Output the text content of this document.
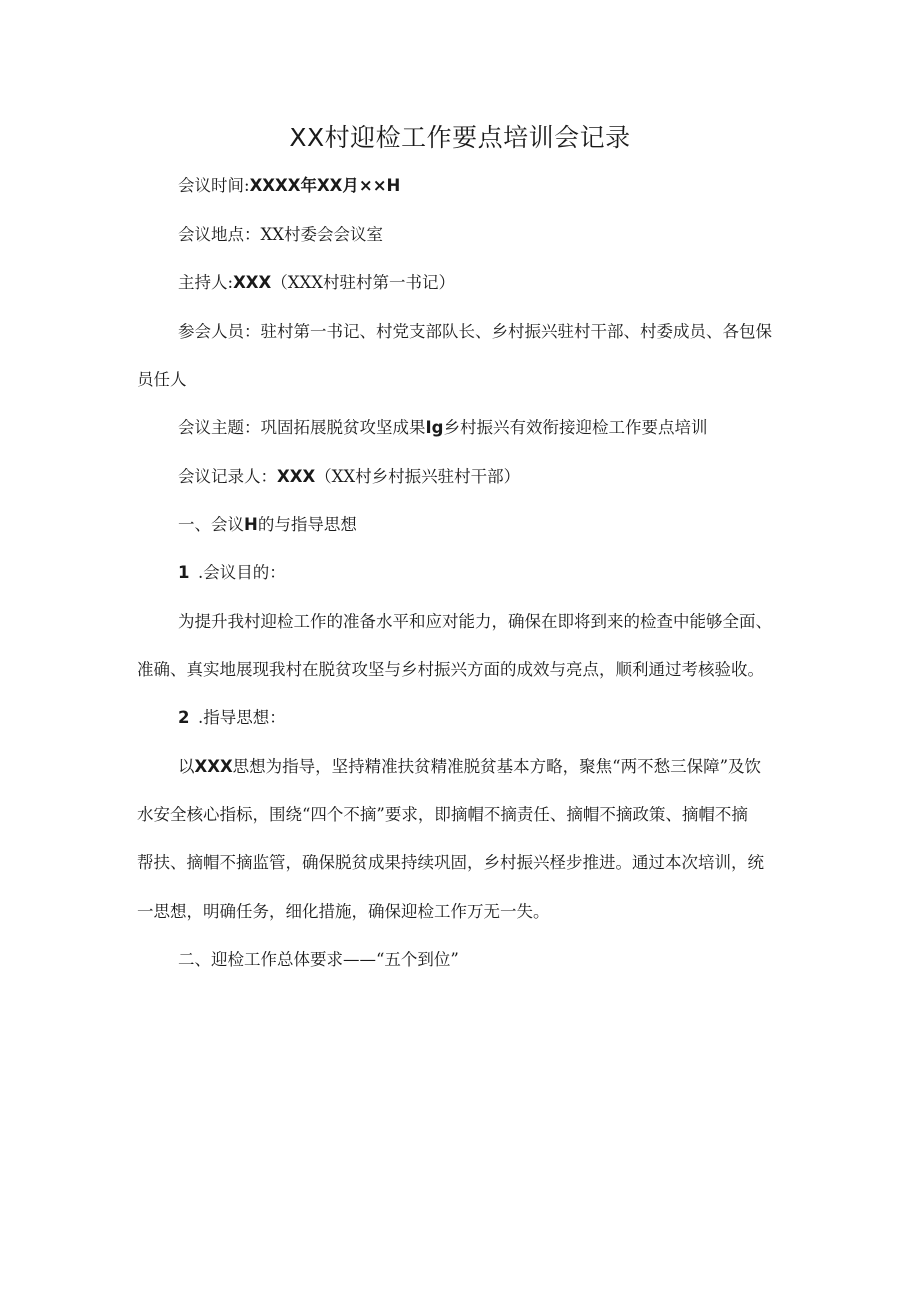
XX村迎检工作要点培训会记录
会议时间:XXXX年XX月××H
会议地点：XX村委会会议室
主持人:XXX（XXX村驻村第一书记）
参会人员：驻村第一书记、村党支部队长、乡村振兴驻村干部、村委成员、各包保
员任人
会议主题：巩固拓展脱贫攻坚成果Ig乡村振兴有效衔接迎检工作要点培训
会议记录人：XXX（XX村乡村振兴驻村干部）
一、会议H的与指导思想
1 .会议目的：
为提升我村迎检工作的准备水平和应对能力，确保在即将到来的检查中能够全面、
准确、真实地展现我村在脱贫攻坚与乡村振兴方面的成效与亮点，顺利通过考核验收。
2 .指导思想：
以XXX思想为指导，坚持精准扶贫精准脱贫基本方略，聚焦“两不愁三保障”及饮
水安全核心指标，围绕“四个不摘”要求，即摘帽不摘责任、摘帽不摘政策、摘帽不摘
帮扶、摘帽不摘监管，确保脱贫成果持续巩固，乡村振兴柽步推进。通过本次培训，统
一思想，明确任务，细化措施，确保迎检工作万无一失。
二、迎检工作总体要求——“五个到位”
